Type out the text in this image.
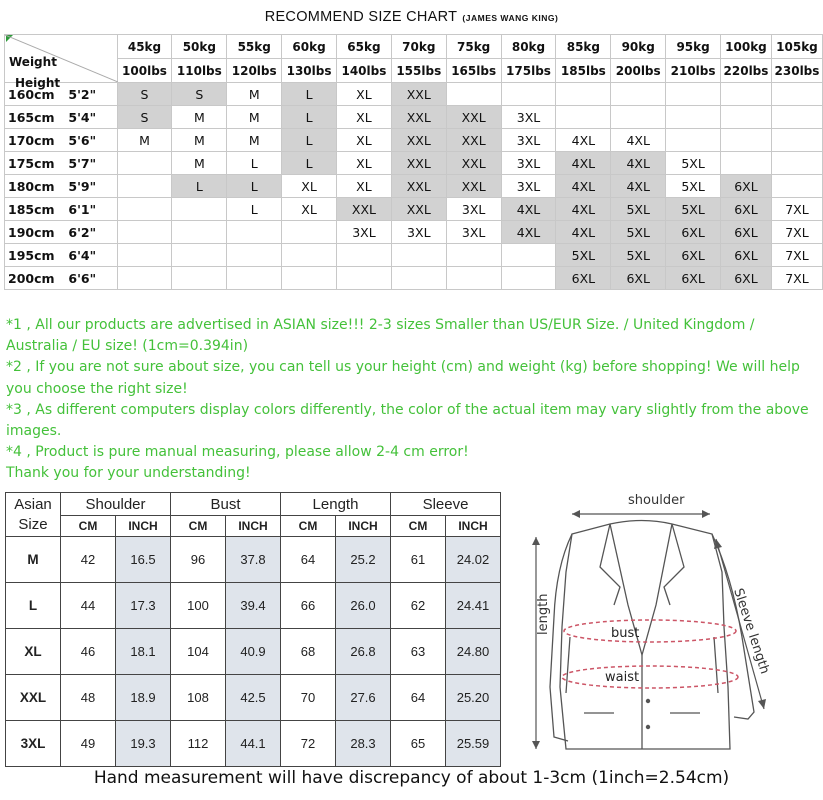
RECOMMEND SIZE CHART (JAMES WANG KING)
Weight
Height		45kg	50kg	55kg	60kg	65kg	70kg	75kg	80kg	85kg	90kg	95kg	100kg	105kg
		100lbs	110lbs	120lbs	130lbs	140lbs	155lbs	165lbs	175lbs	185lbs	200lbs	210lbs	220lbs	230lbs
160cm	5'2"	S	S	M	L	XL	XXL							
165cm	5'4"	S	M	M	L	XL	XXL	XXL	3XL					
170cm	5'6"	M	M	M	L	XL	XXL	XXL	3XL	4XL	4XL			
175cm	5'7"		M	L	L	XL	XXL	XXL	3XL	4XL	4XL	5XL		
180cm	5'9"		L	L	XL	XL	XXL	XXL	3XL	4XL	4XL	5XL	6XL	
185cm	6'1"			L	XL	XXL	XXL	3XL	4XL	4XL	5XL	5XL	6XL	7XL
190cm	6'2"					3XL	3XL	3XL	4XL	4XL	5XL	6XL	6XL	7XL
195cm	6'4"									5XL	5XL	6XL	6XL	7XL
200cm	6'6"									6XL	6XL	6XL	6XL	7XL

*1 , All our products are advertised in ASIAN size!!! 2-3 sizes Smaller than US/EUR Size. / United Kingdom / Australia / EU size! (1cm=0.394in)

*2 , If you are not sure about size, you can tell us your height (cm) and weight (kg) before shopping! We will help you choose the right size!

*3 , As different computers display colors differently, the color of the actual item may vary slightly from the above images.

*4 , Product is pure manual measuring, please allow 2-4 cm error!

Thank you for your understanding!

Asian
Size	Shoulder		Bust		Length		Sleeve	
	CM	INCH	CM	INCH	CM	INCH	CM	INCH
M	42	16.5	96	37.8	64	25.2	61	24.02
L	44	17.3	100	39.4	66	26.0	62	24.41
XL	46	18.1	104	40.9	68	26.8	63	24.80
XXL	48	18.9	108	42.5	70	27.6	64	25.20
3XL	49	19.3	112	44.1	72	28.3	65	25.59
shoulder
length	bust
waist
Sleeve length
Hand measurement will have discrepancy of about 1-3cm (1inch=2.54cm)
